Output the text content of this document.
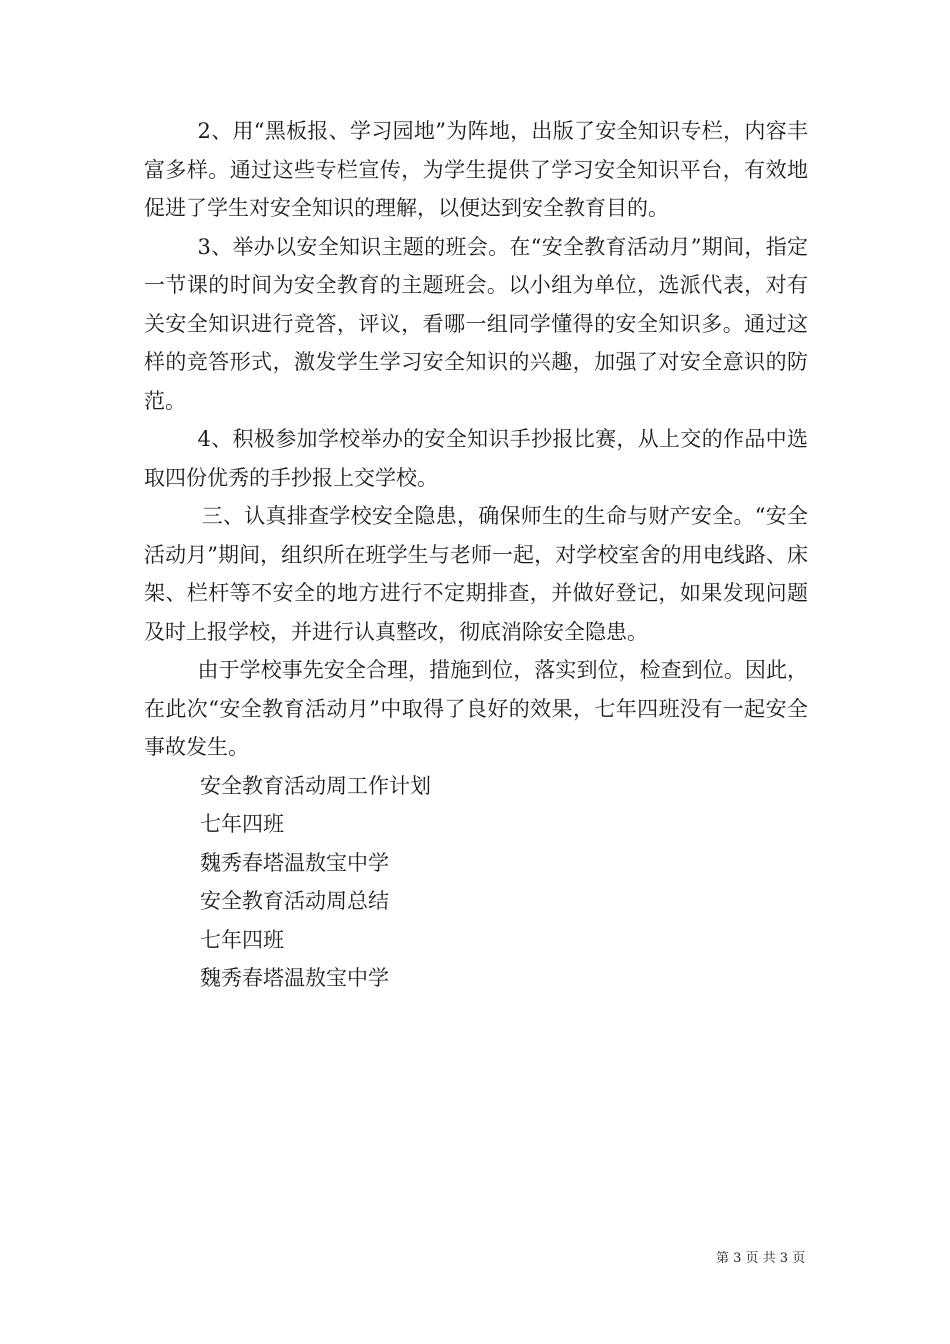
2、用“黑板报、学习园地”为阵地，出版了安全知识专栏，内容丰富多样。通过这些专栏宣传，为学生提供了学习安全知识平台，有效地促进了学生对安全知识的理解，以便达到安全教育目的。

3、举办以安全知识主题的班会。在“安全教育活动月”期间，指定一节课的时间为安全教育的主题班会。以小组为单位，选派代表，对有关安全知识进行竞答，评议，看哪一组同学懂得的安全知识多。通过这样的竞答形式，激发学生学习安全知识的兴趣，加强了对安全意识的防范。

4、积极参加学校举办的安全知识手抄报比赛，从上交的作品中选取四份优秀的手抄报上交学校。

三、认真排查学校安全隐患，确保师生的生命与财产安全。“安全活动月”期间，组织所在班学生与老师一起，对学校室舍的用电线路、床架、栏杆等不安全的地方进行不定期排查，并做好登记，如果发现问题及时上报学校，并进行认真整改，彻底消除安全隐患。

由于学校事先安全合理，措施到位，落实到位，检查到位。因此，在此次“安全教育活动月”中取得了良好的效果，七年四班没有一起安全事故发生。

安全教育活动周工作计划
七年四班
魏秀春塔温敖宝中学
安全教育活动周总结
七年四班
魏秀春塔温敖宝中学
第 3 页 共 3 页
